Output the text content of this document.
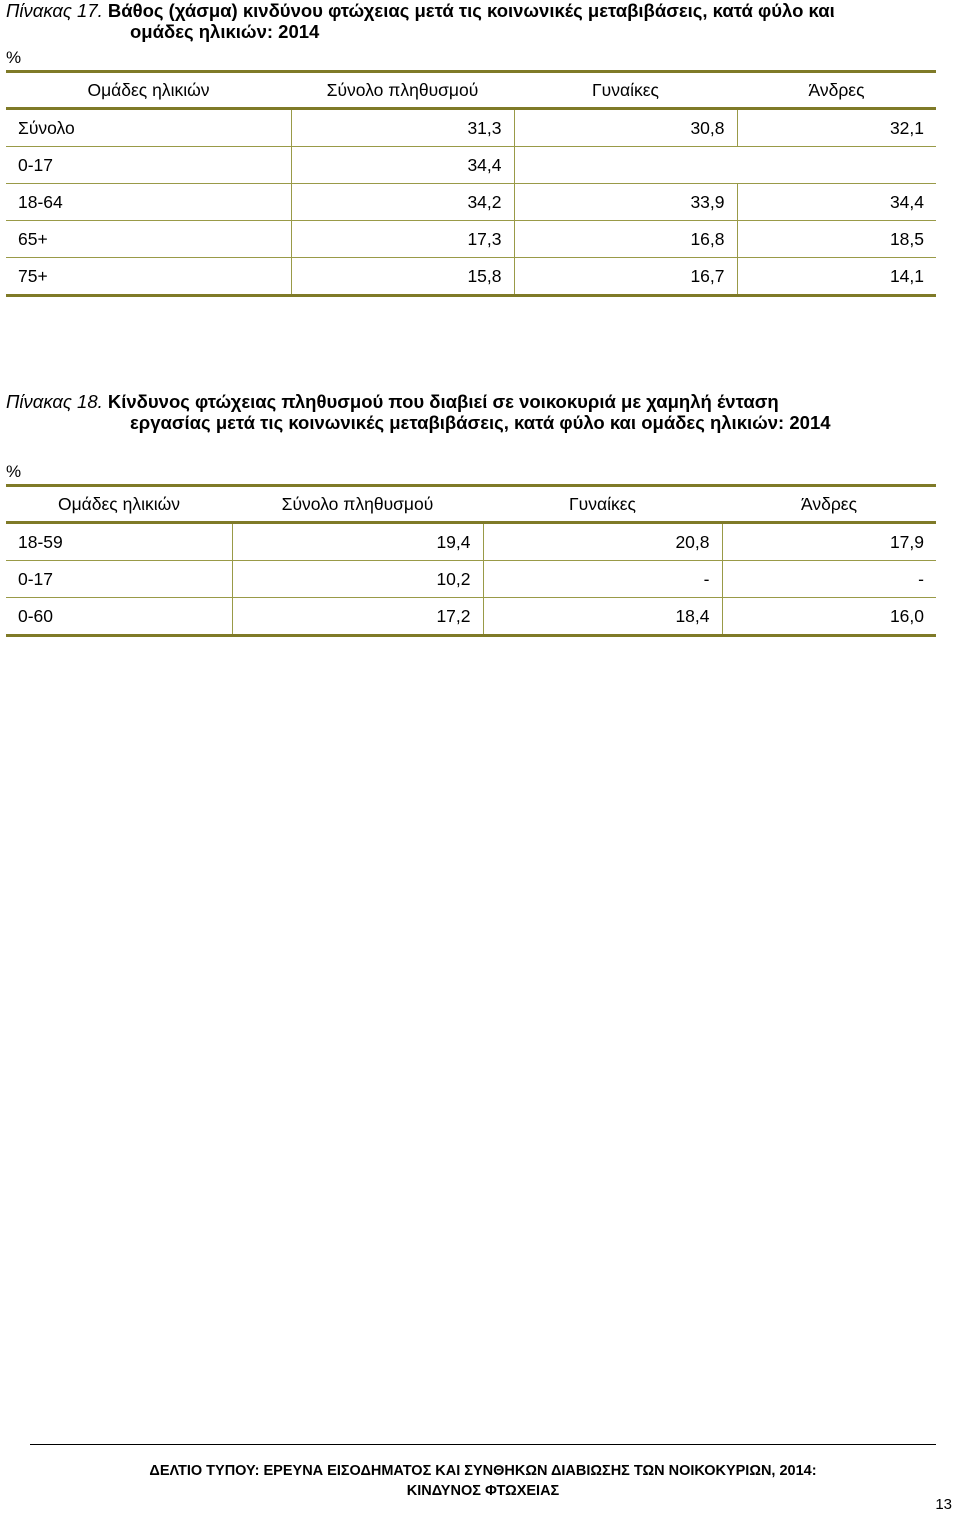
Πίνακας 17. Βάθος (χάσμα) κινδύνου φτώχειας μετά τις κοινωνικές μεταβιβάσεις, κατά φύλο και
ομάδες ηλικιών: 2014
%
Ομάδες ηλικιών	Σύνολο πληθυσμού	Γυναίκες	Άνδρες
Σύνολο	31,3	30,8	32,1
0-17	34,4		
18-64	34,2	33,9	34,4
65+	17,3	16,8	18,5
75+	15,8	16,7	14,1
Πίνακας 18. Κίνδυνος φτώχειας πληθυσμού που διαβιεί σε νοικοκυριά με χαμηλή ένταση
εργασίας μετά τις κοινωνικές μεταβιβάσεις, κατά φύλο και ομάδες ηλικιών: 2014
%
Ομάδες ηλικιών	Σύνολο πληθυσμού	Γυναίκες	Άνδρες
18-59	19,4	20,8	17,9
0-17	10,2	-	-
0-60	17,2	18,4	16,0
ΔΕΛΤΙΟ ΤΥΠΟΥ: ΕΡΕΥΝΑ ΕΙΣΟΔΗΜΑΤΟΣ ΚΑΙ ΣΥΝΘΗΚΩΝ ΔΙΑΒΙΩΣΗΣ ΤΩΝ ΝΟΙΚΟΚΥΡΙΩΝ, 2014:
ΚΙΝΔΥΝΟΣ ΦΤΩΧΕΙΑΣ
13
